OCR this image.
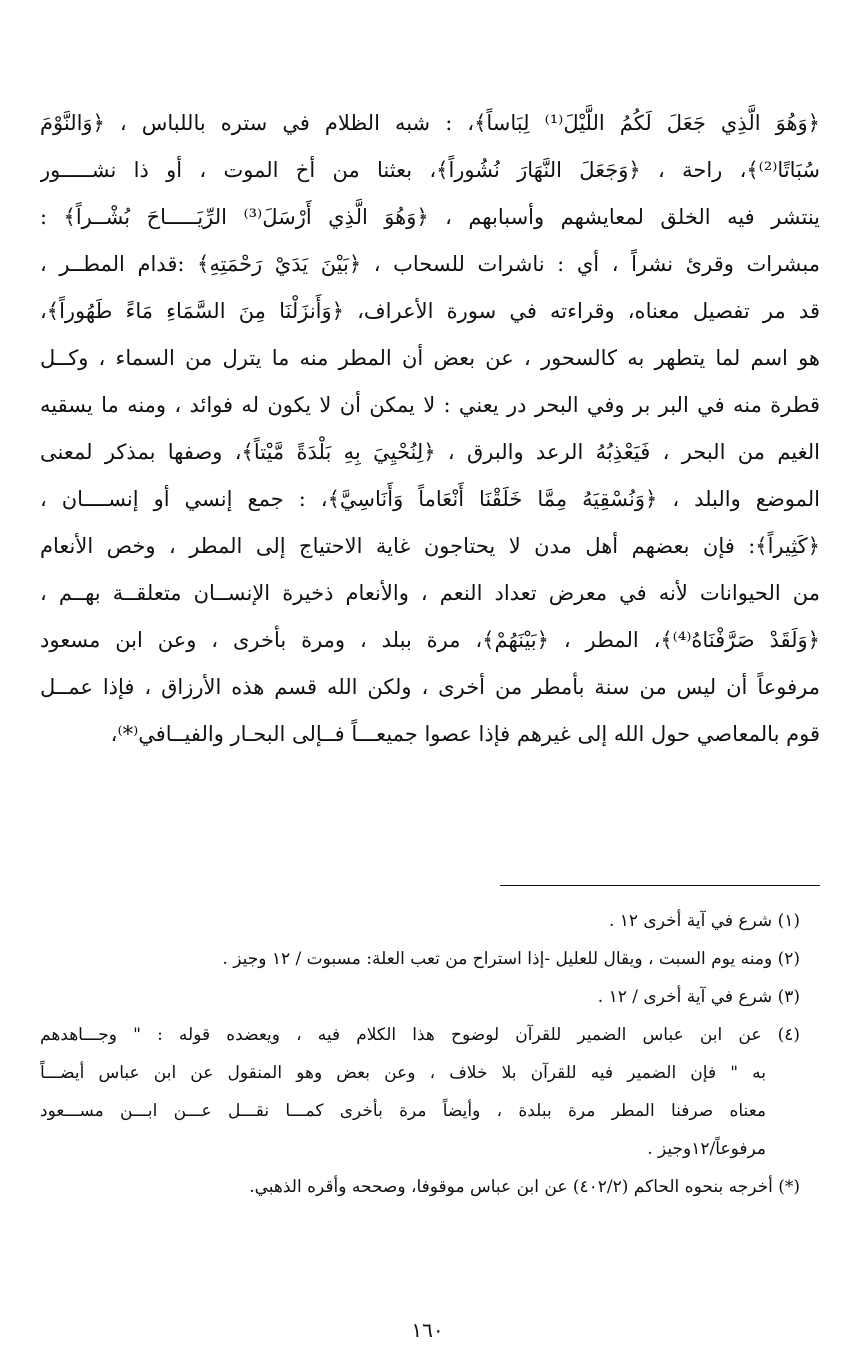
﴿وَهُوَ الَّذِي جَعَلَ لَكُمُ اللَّيْلَ⁽¹⁾ لِبَاساً﴾، : شبه الظلام في ستره باللباس ، ﴿وَالنَّوْمَ
سُبَاتًا⁽²⁾﴾، راحة ، ﴿وَجَعَلَ النَّهَارَ نُشُوراً﴾، بعثنا من أخ الموت ، أو ذا نشـــــور
ينتشر فيه الخلق لمعايشهم وأسبابهم ، ﴿وَهُوَ الَّذِي أَرْسَلَ⁽³⁾ الرِّيَـــــاحَ بُشْــراً﴾ :
مبشرات وقرئ نشراً ، أي : ناشرات للسحاب ، ﴿بَيْنَ يَدَيْ رَحْمَتِهِ﴾ :قدام المطــر ،
قد مر تفصيل معناه، وقراءته في سورة الأعراف، ﴿وَأَنزَلْنَا مِنَ السَّمَاءِ مَاءً طَهُوراً﴾،
هو اسم لما يتطهر به كالسحور ، عن بعض أن المطر منه ما يترل من السماء ، وكــل
قطرة منه في البر بر وفي البحر در يعني : لا يمكن أن لا يكون له فوائد ، ومنه ما يسقيه
الغيم من البحر ، فَيَعْذِبُهُ الرعد والبرق ، ﴿لِنُحْيِيَ بِهِ بَلْدَةً مَّيْتاً﴾، وصفها بمذكر لمعنى
الموضع والبلد ، ﴿وَنُسْقِيَهُ مِمَّا خَلَقْنَا أَنْعَاماً وَأَنَاسِيَّ﴾، : جمع إنسي أو إنســــان ،
﴿كَثِيراً﴾: فإن بعضهم أهل مدن لا يحتاجون غاية الاحتياج إلى المطر ، وخص الأنعام
من الحيوانات لأنه في معرض تعداد النعم ، والأنعام ذخيرة الإنســان متعلقــة بهــم ،
﴿وَلَقَدْ صَرَّفْنَاهُ⁽⁴⁾﴾، المطر ، ﴿بَيْنَهُمْ﴾، مرة ببلد ، ومرة بأخرى ، وعن ابن مسعود
مرفوعاً أن ليس من سنة بأمطر من أخرى ، ولكن الله قسم هذه الأرزاق ، فإذا عمــل
قوم بالمعاصي حول الله إلى غيرهم فإذا عصوا جميعـــاً فــإلى البحـار والفيــافي⁽*⁾،
(١) شرع في آية أخرى ١٢ .
(٢) ومنه يوم السبت ، ويقال للعليل -إذا استراح من تعب العلة: مسبوت / ١٢ وجيز .
(٣) شرع في آية أخرى / ١٢ .
(٤) عن ابن عباس الضمير للقرآن لوضوح هذا الكلام فيه ، ويعضده قوله : " وجـــاهدهم
به " فإن الضمير فيه للقرآن بلا خلاف ، وعن بعض وهو المنقول عن ابن عباس أيضـــاً
معناه صرفنا المطر مرة ببلدة ، وأيضاً مرة بأخرى كمـــا نقـــل عـــن ابـــن مســـعود
مرفوعاً/١٢وجيز .
(*) أخرجه بنحوه الحاكم (٤٠٢/٢) عن ابن عباس موقوفا، وصححه وأقره الذهبي.
١٦٠
